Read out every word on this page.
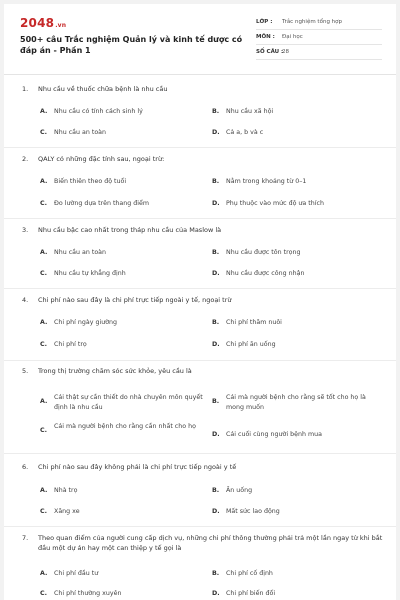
2048.vn
500+ câu Trắc nghiệm Quản lý và kinh tế dược có đáp án - Phần 1
LỚP : Trắc nghiệm tổng hợp
MÔN : Đại học
SỐ CÂU :
28
1. Nhu cầu về thuốc chữa bệnh là nhu cầu
A. Nhu cầu có tính cách sinh lý	B. Nhu cầu xã hội
C. Nhu cầu an toàn	D. Cả a, b và c
2. QALY có những đặc tính sau, ngoại trừ:
A. Biến thiên theo độ tuổi	B. Nằm trong khoảng từ 0–1
C. Đo lường dựa trên thang điểm	D. Phụ thuộc vào mức độ ưa thích
3. Nhu cầu bậc cao nhất trong tháp nhu cầu của Maslow là
A. Nhu cầu an toàn	B. Nhu cầu được tôn trọng
C. Nhu cầu tự khẳng định	D. Nhu cầu được công nhận
4. Chi phí nào sau đây là chi phí trực tiếp ngoài y tế, ngoại trừ
A. Chi phí ngày giường	B. Chi phí thăm nuôi
C. Chi phí trọ	D. Chi phí ăn uống
5. Trong thị trường chăm sóc sức khỏe, yêu cầu là
A.
Cái thật sự cần thiết do nhà chuyên môn quyết định là nhu cầu
B.
Cái mà người bệnh cho rằng sẽ tốt cho họ là mong muốn
C.
Cái mà người bệnh cho rằng cần nhất cho họ
D. Cái cuối cùng người bệnh mua
6. Chi phí nào sau đây không phải là chi phí trực tiếp ngoài y tế
A. Nhà trọ	B. Ăn uống
C. Xăng xe	D. Mất sức lao động
7. Theo quan điểm của người cung cấp dịch vụ, những chi phí thông thường phải trả một lần ngay từ khi bắt đầu một dự án hay một can thiệp y tế gọi là
A. Chi phí đầu tư	B. Chi phí cố định
C. Chi phí thường xuyên	D. Chi phí biến đổi
